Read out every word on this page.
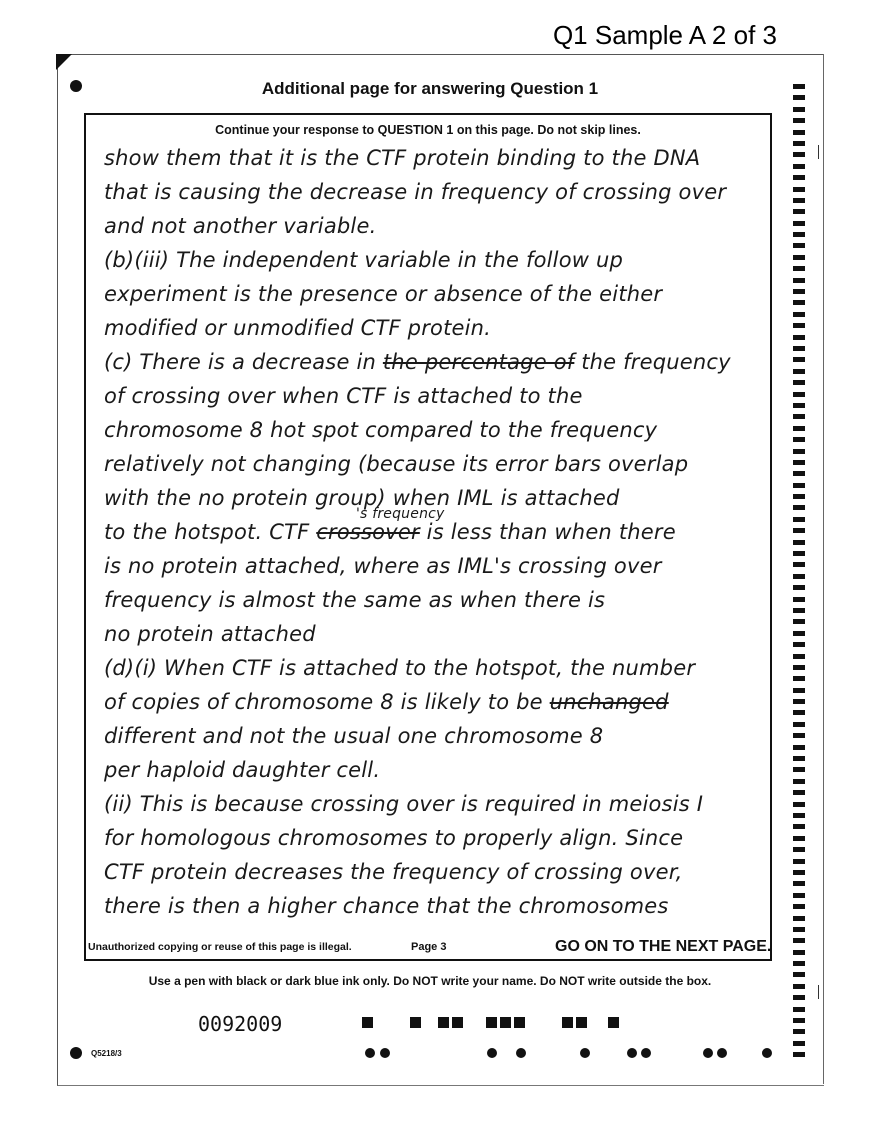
Q1 Sample A 2 of 3
Additional page for answering Question 1
Continue your response to QUESTION 1 on this page. Do not skip lines.
show them that it is the CTF protein binding to the DNA
that is causing the decrease in frequency of crossing over
and not another variable.
(b)(iii) The independent variable in the follow up
experiment is the presence or absence of the either
modified or unmodified CTF protein.
(c) There is a decrease in the percentage of the frequency
of crossing over when CTF is attached to the
chromosome 8 hot spot compared to the frequency
relatively not changing (because its error bars overlap
with the no protein group) when IML is attached
's frequency
to the hotspot. CTF crossover is less than when there
is no protein attached, where as IML's crossing over
frequency is almost the same as when there is
no protein attached
(d)(i) When CTF is attached to the hotspot, the number
of copies of chromosome 8 is likely to be unchanged
different and not the usual one chromosome 8
per haploid daughter cell.
(ii) This is because crossing over is required in meiosis I
for homologous chromosomes to properly align. Since
CTF protein decreases the frequency of crossing over,
there is then a higher chance that the chromosomes
Unauthorized copying or reuse of this page is illegal.	Page 3	GO ON TO THE NEXT PAGE.
Use a pen with black or dark blue ink only. Do NOT write your name. Do NOT write outside the box.
0092009
Q5218/3
